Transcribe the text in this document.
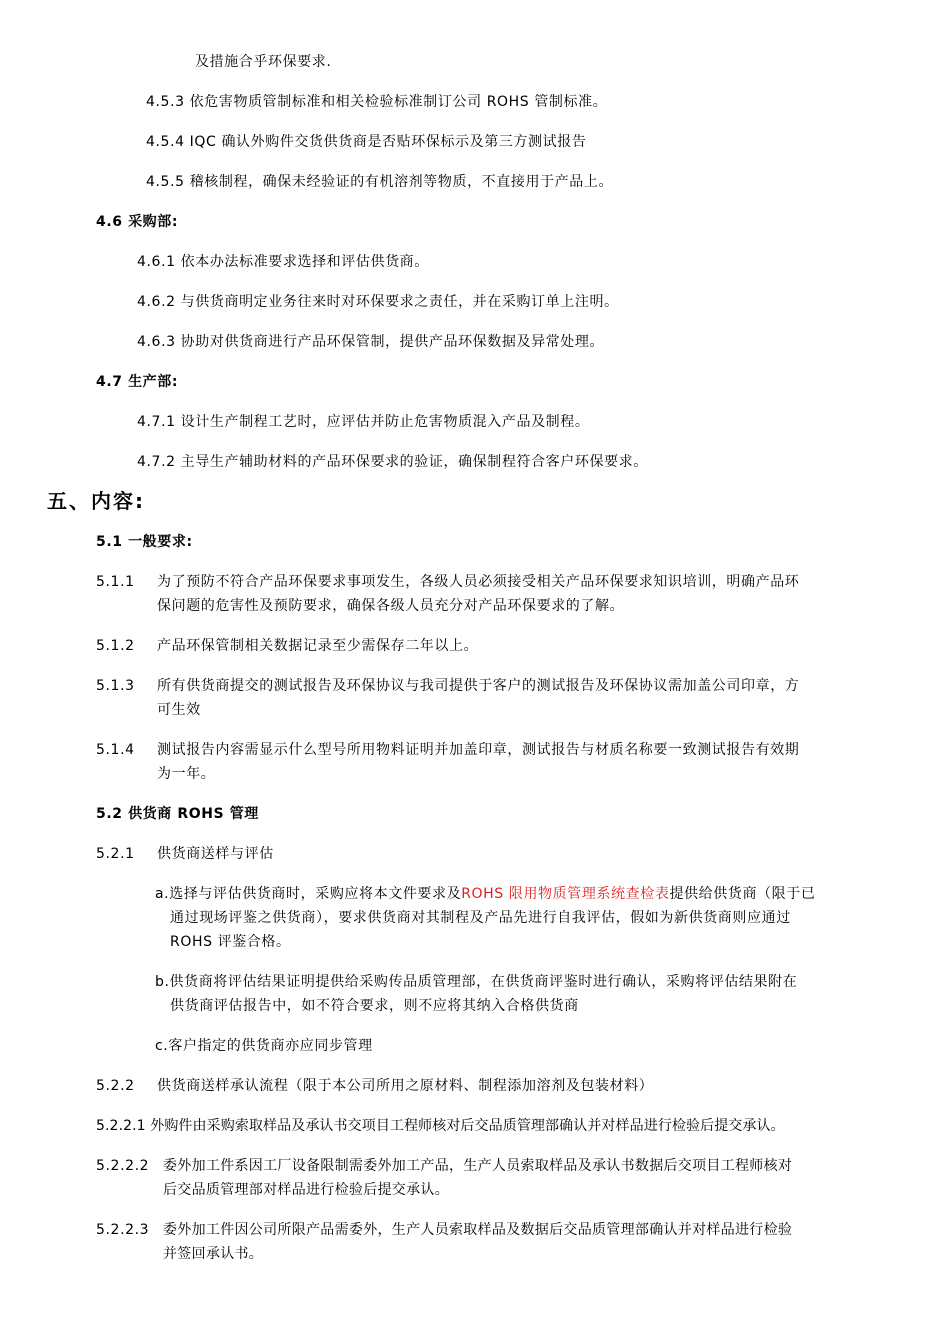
及措施合乎环保要求.
4.5.3 依危害物质管制标准和相关检验标准制订公司 ROHS 管制标准。
4.5.4 IQC 确认外购件交货供货商是否贴环保标示及第三方测试报告
4.5.5 稽核制程，确保未经验证的有机溶剂等物质，不直接用于产品上。
4.6 采购部:
4.6.1 依本办法标准要求选择和评估供货商。
4.6.2 与供货商明定业务往来时对环保要求之责任，并在采购订单上注明。
4.6.3 协助对供货商进行产品环保管制，提供产品环保数据及异常处理。
4.7 生产部:
4.7.1 设计生产制程工艺时，应评估并防止危害物质混入产品及制程。
4.7.2 主导生产辅助材料的产品环保要求的验证，确保制程符合客户环保要求。
五、内容:
5.1 一般要求:
5.1.1 为了预防不符合产品环保要求事项发生，各级人员必须接受相关产品环保要求知识培训，明确产品环
保问题的危害性及预防要求，确保各级人员充分对产品环保要求的了解。
5.1.2 产品环保管制相关数据记录至少需保存二年以上。
5.1.3 所有供货商提交的测试报告及环保协议与我司提供于客户的测试报告及环保协议需加盖公司印章，方
可生效
5.1.4 测试报告内容需显示什么型号所用物料证明并加盖印章，测试报告与材质名称要一致测试报告有效期
为一年。
5.2 供货商 ROHS 管理
5.2.1 供货商送样与评估
a.选择与评估供货商时，采购应将本文件要求及ROHS 限用物质管理系统查检表提供给供货商（限于已
通过现场评鉴之供货商），要求供货商对其制程及产品先进行自我评估，假如为新供货商则应通过
ROHS 评鉴合格。
b.供货商将评估结果证明提供给采购传品质管理部，在供货商评鉴时进行确认，采购将评估结果附在
供货商评估报告中，如不符合要求，则不应将其纳入合格供货商
c.客户指定的供货商亦应同步管理
5.2.2 供货商送样承认流程（限于本公司所用之原材料、制程添加溶剂及包装材料）
5.2.2.1 外购件由采购索取样品及承认书交项目工程师核对后交品质管理部确认并对样品进行检验后提交承认。
5.2.2.2 委外加工件系因工厂设备限制需委外加工产品，生产人员索取样品及承认书数据后交项目工程师核对
后交品质管理部对样品进行检验后提交承认。
5.2.2.3 委外加工件因公司所限产品需委外，生产人员索取样品及数据后交品质管理部确认并对样品进行检验
并签回承认书。
